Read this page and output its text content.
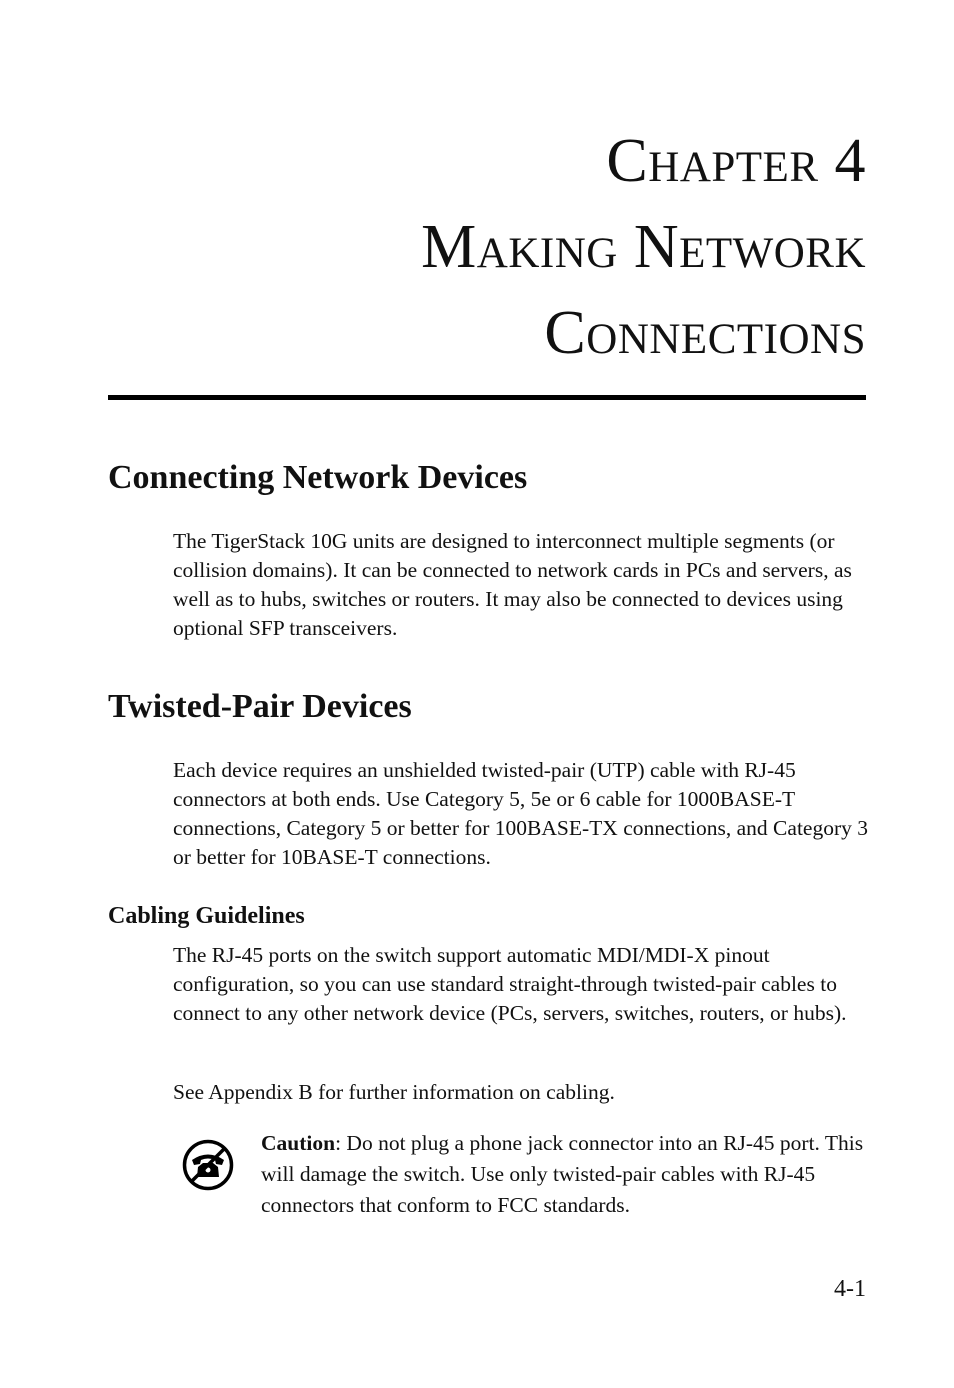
Chapter 4
Making Network
Connections
Connecting Network Devices

The TigerStack 10G units are designed to interconnect multiple segments (or collision domains). It can be connected to network cards in PCs and servers, as well as to hubs, switches or routers. It may also be connected to devices using optional SFP transceivers.

Twisted-Pair Devices

Each device requires an unshielded twisted-pair (UTP) cable with RJ-45 connectors at both ends. Use Category 5, 5e or 6 cable for 1000BASE-T connections, Category 5 or better for 100BASE-TX connections, and Category 3 or better for 10BASE-T connections.

Cabling Guidelines

The RJ-45 ports on the switch support automatic MDI/MDI-X pinout configuration, so you can use standard straight-through twisted-pair cables to connect to any other network device (PCs, servers, switches, routers, or hubs).

See Appendix B for further information on cabling.

Caution: Do not plug a phone jack connector into an RJ-45 port. This will damage the switch. Use only twisted-pair cables with RJ-45 connectors that conform to FCC standards.

4-1
